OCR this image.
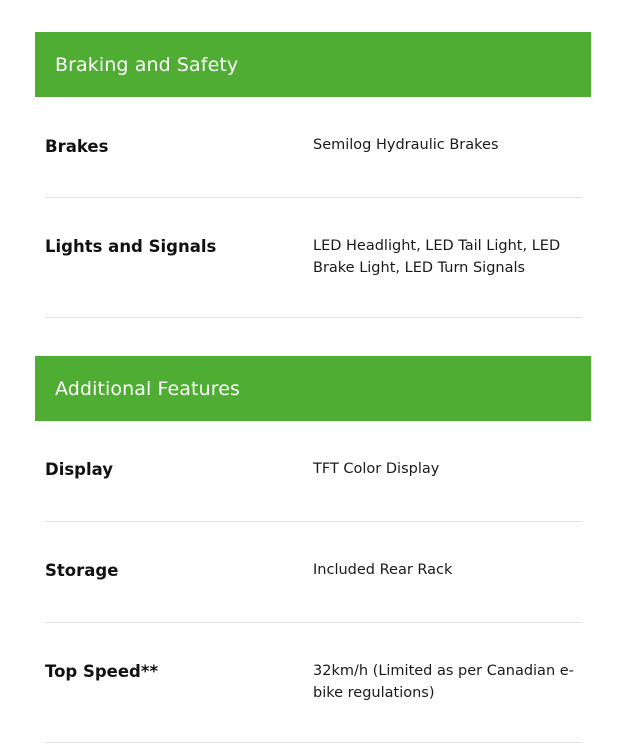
Braking and Safety
Brakes	Semilog Hydraulic Brakes
Lights and Signals	LED Headlight, LED Tail Light, LED Brake Light, LED Turn Signals
Additional Features
Display	TFT Color Display
Storage	Included Rear Rack
Top Speed**	32km/h (Limited as per Canadian e-bike regulations)
